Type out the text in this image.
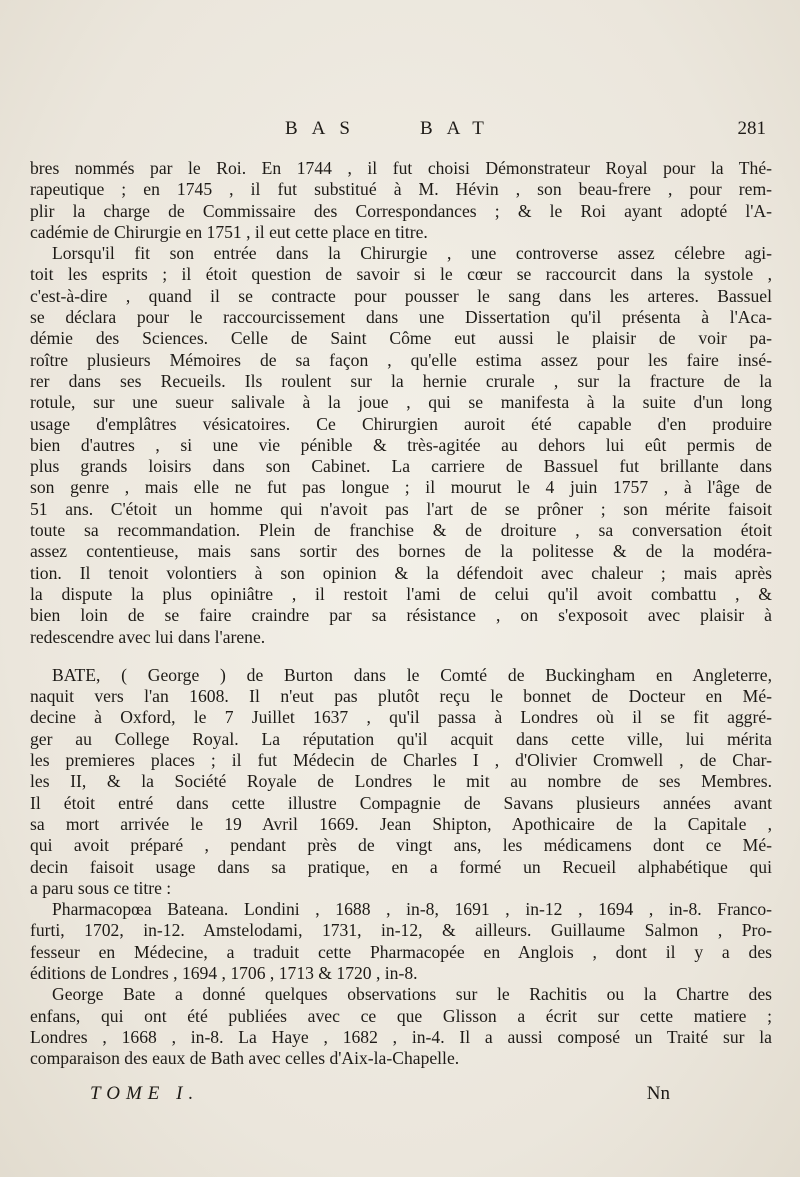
BAS	BAT	281

bres nommés par le Roi. En 1744 , il fut choisi Démonstrateur Royal pour la Thé-
rapeutique ; en 1745 , il fut substitué à M. Hévin , son beau-frere , pour rem-
plir la charge de Commissaire des Correspondances ; & le Roi ayant adopté l'A-
cadémie de Chirurgie en 1751 , il eut cette place en titre.

Lorsqu'il fit son entrée dans la Chirurgie , une controverse assez célebre agi-
toit les esprits ; il étoit question de savoir si le cœur se raccourcit dans la systole ,
c'est-à-dire , quand il se contracte pour pousser le sang dans les arteres. Bassuel
se déclara pour le raccourcissement dans une Dissertation qu'il présenta à l'Aca-
démie des Sciences. Celle de Saint Côme eut aussi le plaisir de voir pa-
roître plusieurs Mémoires de sa façon , qu'elle estima assez pour les faire insé-
rer dans ses Recueils. Ils roulent sur la hernie crurale , sur la fracture de la
rotule, sur une sueur salivale à la joue , qui se manifesta à la suite d'un long
usage d'emplâtres vésicatoires. Ce Chirurgien auroit été capable d'en produire
bien d'autres , si une vie pénible & très-agitée au dehors lui eût permis de
plus grands loisirs dans son Cabinet. La carriere de Bassuel fut brillante dans
son genre , mais elle ne fut pas longue ; il mourut le 4 juin 1757 , à l'âge de
51 ans. C'étoit un homme qui n'avoit pas l'art de se prôner ; son mérite faisoit
toute sa recommandation. Plein de franchise & de droiture , sa conversation étoit
assez contentieuse, mais sans sortir des bornes de la politesse & de la modéra-
tion. Il tenoit volontiers à son opinion & la défendoit avec chaleur ; mais après
la dispute la plus opiniâtre , il restoit l'ami de celui qu'il avoit combattu , &
bien loin de se faire craindre par sa résistance , on s'exposoit avec plaisir à
redescendre avec lui dans l'arene.

BATE, ( George ) de Burton dans le Comté de Buckingham en Angleterre,
naquit vers l'an 1608. Il n'eut pas plutôt reçu le bonnet de Docteur en Mé-
decine à Oxford, le 7 Juillet 1637 , qu'il passa à Londres où il se fit aggré-
ger au College Royal. La réputation qu'il acquit dans cette ville, lui mérita
les premieres places ; il fut Médecin de Charles I , d'Olivier Cromwell , de Char-
les II, & la Société Royale de Londres le mit au nombre de ses Membres.
Il étoit entré dans cette illustre Compagnie de Savans plusieurs années avant
sa mort arrivée le 19 Avril 1669. Jean Shipton, Apothicaire de la Capitale ,
qui avoit préparé , pendant près de vingt ans, les médicamens dont ce Mé-
decin faisoit usage dans sa pratique, en a formé un Recueil alphabétique qui
a paru sous ce titre :

Pharmacopœa Bateana. Londini , 1688 , in-8, 1691 , in-12 , 1694 , in-8. Franco-
furti, 1702, in-12. Amstelodami, 1731, in-12, & ailleurs. Guillaume Salmon , Pro-
fesseur en Médecine, a traduit cette Pharmacopée en Anglois , dont il y a des
éditions de Londres , 1694 , 1706 , 1713 & 1720 , in-8.

George Bate a donné quelques observations sur le Rachitis ou la Chartre des
enfans, qui ont été publiées avec ce que Glisson a écrit sur cette matiere ;
Londres , 1668 , in-8. La Haye , 1682 , in-4. Il a aussi composé un Traité sur la
comparaison des eaux de Bath avec celles d'Aix-la-Chapelle.

TOME I.	Nn
